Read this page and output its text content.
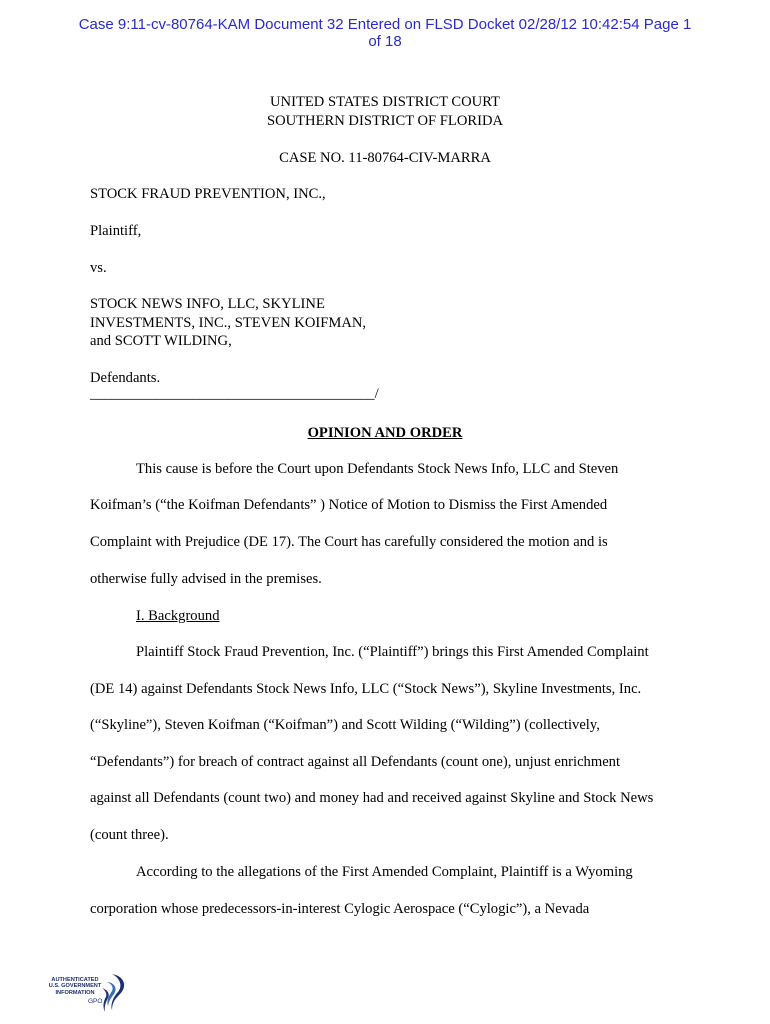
Case 9:11-cv-80764-KAM Document 32 Entered on FLSD Docket 02/28/12 10:42:54 Page 1
of 18
UNITED STATES DISTRICT COURT
SOUTHERN DISTRICT OF FLORIDA
CASE NO. 11-80764-CIV-MARRA
STOCK FRAUD PREVENTION, INC.,
Plaintiff,
vs.
STOCK NEWS INFO, LLC, SKYLINE
INVESTMENTS, INC., STEVEN KOIFMAN,
and SCOTT WILDING,
Defendants.
_______________________________________/
OPINION AND ORDER
This cause is before the Court upon Defendants Stock News Info, LLC and Steven
Koifman’s (“the Koifman Defendants” ) Notice of Motion to Dismiss the First Amended
Complaint with Prejudice (DE 17). The Court has carefully considered the motion and is
otherwise fully advised in the premises.
I. Background
Plaintiff Stock Fraud Prevention, Inc. (“Plaintiff”) brings this First Amended Complaint
(DE 14) against Defendants Stock News Info, LLC (“Stock News”), Skyline Investments, Inc.
(“Skyline”), Steven Koifman (“Koifman”) and Scott Wilding (“Wilding”) (collectively,
“Defendants”) for breach of contract against all Defendants (count one), unjust enrichment
against all Defendants (count two) and money had and received against Skyline and Stock News
(count three).
According to the allegations of the First Amended Complaint, Plaintiff is a Wyoming
corporation whose predecessors-in-interest Cylogic Aerospace (“Cylogic”), a Nevada
AUTHENTICATED
U.S. GOVERNMENT
INFORMATION
GPO
